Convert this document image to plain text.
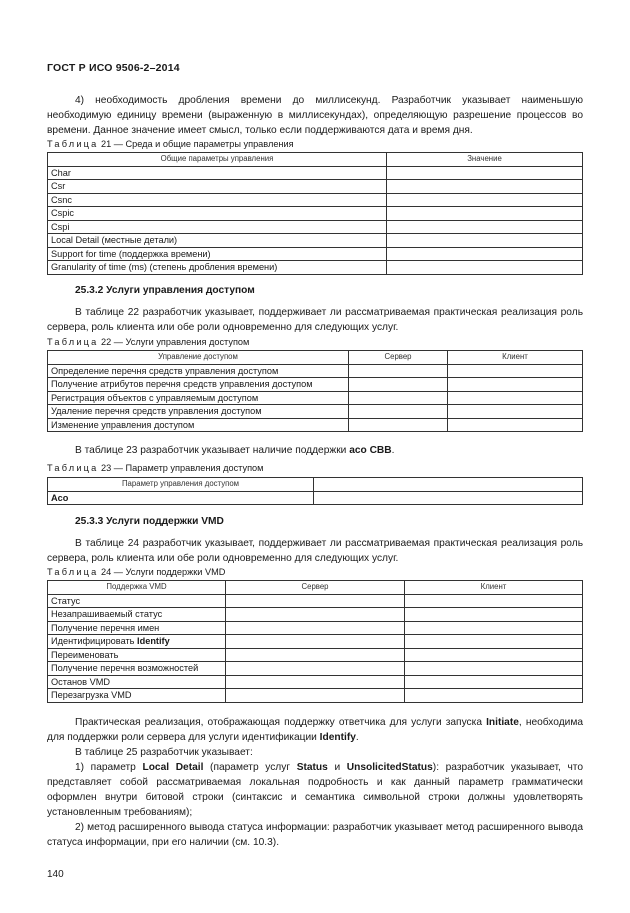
ГОСТ Р ИСО 9506-2–2014

4) необходимость дробления времени до миллисекунд. Разработчик указывает наименьшую необходимую единицу времени (выраженную в миллисекундах), определяющую разрешение процессов во времени. Данное значение имеет смысл, только если поддерживаются дата и время дня.

Таблица 21 — Среда и общие параметры управления
Общие параметры управления	Значение
Char	
Csr	
Csnc	
Cspic	
Cspi	
Local Detail (местные детали)	
Support for time (поддержка времени)	
Granularity of time (ms) (степень дробления времени)	
25.3.2 Услуги управления доступом

В таблице 22 разработчик указывает, поддерживает ли рассматриваемая практическая реализация роль сервера, роль клиента или обе роли одновременно для следующих услуг.

Таблица 22 — Услуги управления доступом
Управление доступом	Сервер	Клиент
Определение перечня средств управления доступом		
Получение атрибутов перечня средств управления доступом		
Регистрация объектов с управляемым доступом		
Удаление перечня средств управления доступом		
Изменение управления доступом		

В таблице 23 разработчик указывает наличие поддержки aco CBB.

Таблица 23 — Параметр управления доступом
Параметр управления доступом	
Aco	
25.3.3 Услуги поддержки VMD

В таблице 24 разработчик указывает, поддерживает ли рассматриваемая практическая реализация роль сервера, роль клиента или обе роли одновременно для следующих услуг.

Таблица 24 — Услуги поддержки VMD
Поддержка VMD	Сервер	Клиент
Статус		
Незапрашиваемый статус		
Получение перечня имен		
Идентифицировать Identify		
Переименовать		
Получение перечня возможностей		
Останов VMD		
Перезагрузка VMD		

Практическая реализация, отображающая поддержку ответчика для услуги запуска Initiate, необходима для поддержки роли сервера для услуги идентификации Identify.

В таблице 25 разработчик указывает:

1) параметр Local Detail (параметр услуг Status и UnsolicitedStatus): разработчик указывает, что представляет собой рассматриваемая локальная подробность и как данный параметр грамматически оформлен внутри битовой строки (синтаксис и семантика символьной строки должны удовлетворять установленным требованиям);

2) метод расширенного вывода статуса информации: разработчик указывает метод расширенного вывода статуса информации, при его наличии (см. 10.3).

140
